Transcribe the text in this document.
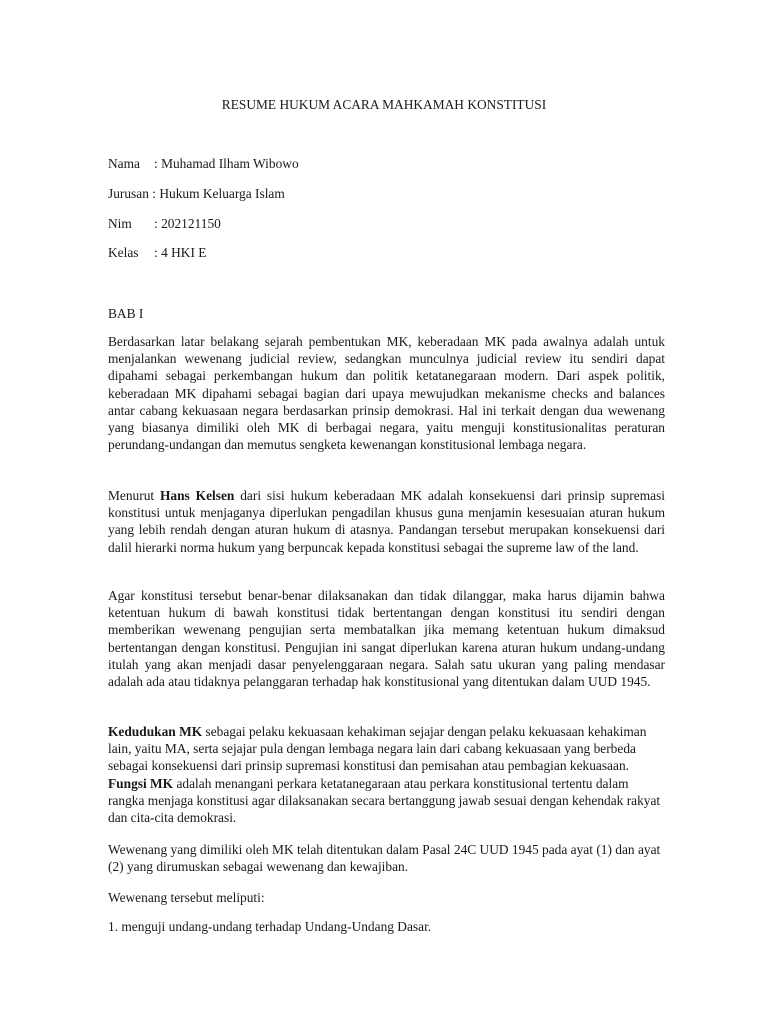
RESUME HUKUM ACARA MAHKAMAH KONSTITUSI
Nama : Muhamad Ilham Wibowo
Jurusan : Hukum Keluarga Islam
Nim : 202121150
Kelas : 4 HKI E
BAB I

Berdasarkan latar belakang sejarah pembentukan MK, keberadaan MK pada awalnya adalah untuk menjalankan wewenang judicial review, sedangkan munculnya judicial review itu sendiri dapat dipahami sebagai perkembangan hukum dan politik ketatanegaraan modern. Dari aspek politik, keberadaan MK dipahami sebagai bagian dari upaya mewujudkan mekanisme checks and balances antar cabang kekuasaan negara berdasarkan prinsip demokrasi. Hal ini terkait dengan dua wewenang yang biasanya dimiliki oleh MK di berbagai negara, yaitu menguji konstitusionalitas peraturan perundang-undangan dan memutus sengketa kewenangan konstitusional lembaga negara.

Menurut Hans Kelsen dari sisi hukum keberadaan MK adalah konsekuensi dari prinsip supremasi konstitusi untuk menjaganya diperlukan pengadilan khusus guna menjamin kesesuaian aturan hukum yang lebih rendah dengan aturan hukum di atasnya. Pandangan tersebut merupakan konsekuensi dari dalil hierarki norma hukum yang berpuncak kepada konstitusi sebagai the supreme law of the land.

Agar konstitusi tersebut benar-benar dilaksanakan dan tidak dilanggar, maka harus dijamin bahwa ketentuan hukum di bawah konstitusi tidak bertentangan dengan konstitusi itu sendiri dengan memberikan wewenang pengujian serta membatalkan jika memang ketentuan hukum dimaksud bertentangan dengan konstitusi. Pengujian ini sangat diperlukan karena aturan hukum undang-undang itulah yang akan menjadi dasar penyelenggaraan negara. Salah satu ukuran yang paling mendasar adalah ada atau tidaknya pelanggaran terhadap hak konstitusional yang ditentukan dalam UUD 1945.

Kedudukan MK sebagai pelaku kekuasaan kehakiman sejajar dengan pelaku kekuasaan kehakiman lain, yaitu MA, serta sejajar pula dengan lembaga negara lain dari cabang kekuasaan yang berbeda sebagai konsekuensi dari prinsip supremasi konstitusi dan pemisahan atau pembagian kekuasaan. Fungsi MK adalah menangani perkara ketatanegaraan atau perkara konstitusional tertentu dalam rangka menjaga konstitusi agar dilaksanakan secara bertanggung jawab sesuai dengan kehendak rakyat dan cita-cita demokrasi.

Wewenang yang dimiliki oleh MK telah ditentukan dalam Pasal 24C UUD 1945 pada ayat (1) dan ayat (2) yang dirumuskan sebagai wewenang dan kewajiban.

Wewenang tersebut meliputi:

1. menguji undang-undang terhadap Undang-Undang Dasar.
